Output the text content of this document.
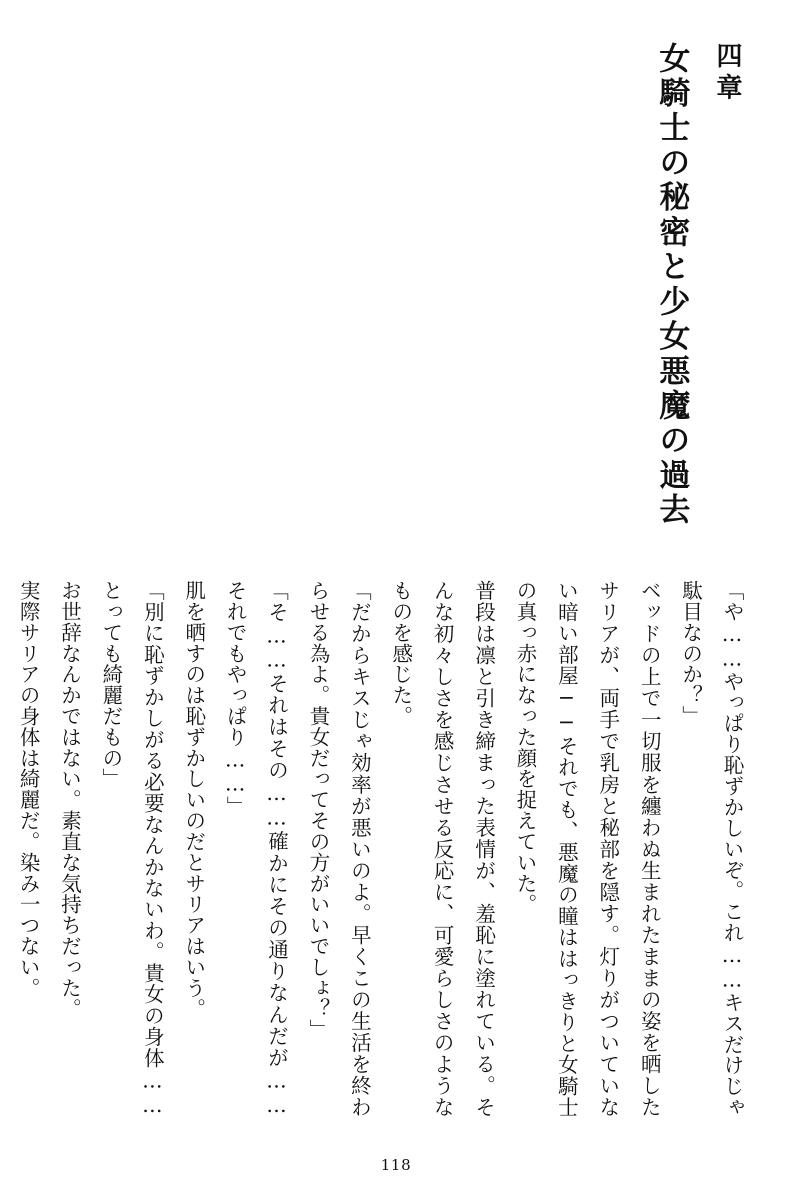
四章
女騎士の秘密と少女悪魔の過去

「や……やっぱり恥ずかしいぞ。これ……キスだけじゃ駄目なのか？」

ベッドの上で一切服を纏わぬ生まれたままの姿を晒したサリアが、両手で乳房と秘部を隠す。灯りがついていない暗い部屋──それでも、悪魔の瞳ははっきりと女騎士の真っ赤になった顔を捉えていた。

普段は凛と引き締まった表情が、羞恥に塗れている。そんな初々しさを感じさせる反応に、可愛らしさのようなものを感じた。

「だからキスじゃ効率が悪いのよ。早くこの生活を終わらせる為よ。貴女だってその方がいいでしょ？」

「そ……それはその……確かにその通りなんだが……それでもやっぱり……」

肌を晒すのは恥ずかしいのだとサリアはいう。

「別に恥ずかしがる必要なんかないわ。貴女の身体……とっても綺麗だもの」

お世辞なんかではない。素直な気持ちだった。

実際サリアの身体は綺麗だ。染み一つない。

118
